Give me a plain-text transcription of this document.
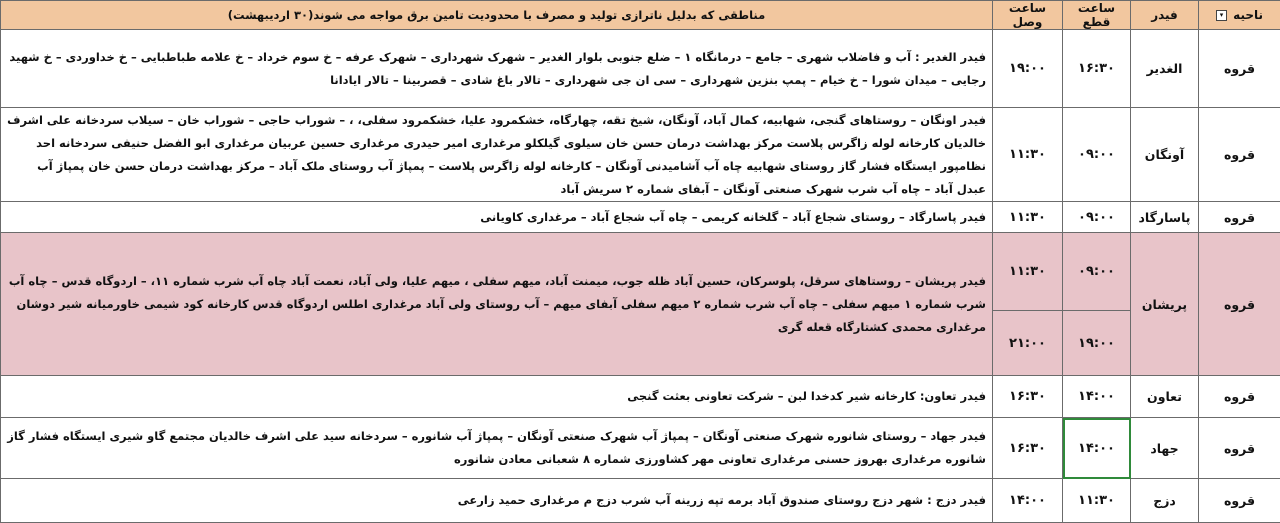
ناحیه ▾	فیدر	ساعت قطع	ساعت وصل	مناطقی که بدلیل ناترازی تولید و مصرف با محدودیت تامین برق مواجه می شوند(۳۰ اردیبهشت)
قروه	الغدیر	۱۶:۳۰	۱۹:۰۰	فیدر الغدیر : آب و فاضلاب شهری – جامع – درمانگاه ۱ – ضلع جنوبی بلوار الغدیر – شهرک شهرداری – شهرک عرفه – خ سوم خرداد – خ علامه طباطبایی – خ خداوردی – خ شهید رجایی – میدان شورا – خ خیام – پمپ بنزین شهرداری – سی ان جی شهرداری – تالار باغ شادی – قصربینا – تالار ایادانا
قروه	آونگان	۰۹:۰۰	۱۱:۳۰	فیدر اونگان – روستاهای گنجی، شهابیه، کمال آباد، آونگان، شیخ تقه، چهارگاه، خشکمرود علیا، خشکمرود سفلی، ، – شوراب حاجی – شوراب خان – سیلاب سردخانه علی اشرف خالدیان کارخانه لوله زاگرس پلاست مرکز بهداشت درمان حسن خان سیلوی گیلکلو مرغداری امیر حیدری مرغداری حسین عربیان مرغداری ابو الفضل حنیفی سردخانه احد نظامپور ایستگاه فشار گاز روستای شهابیه چاه آب آشامیدنی آونگان – کارخانه لوله زاگرس پلاست – پمپاژ آب روستای ملک آباد – مرکز بهداشت درمان حسن خان پمپاژ آب عبدل آباد – چاه آب شرب شهرک صنعتی آونگان – آبفای شماره ۲ سریش آباد
قروه	پاسارگاد	۰۹:۰۰	۱۱:۳۰	فیدر پاسارگاد – روستای شجاع آباد – گلخانه کریمی – چاه آب شجاع آباد – مرغداری کاویانی
قروه	پریشان	۰۹:۰۰	۱۱:۳۰	فیدر پریشان – روستاهای سرقل، پلوسرکان، حسین آباد ظله جوب، میمنت آباد، میهم سفلی ، میهم علیا، ولی آباد، نعمت آباد چاه آب شرب شماره ۱۱، – اردوگاه قدس – چاه آب شرب شماره ۱ میهم سفلی – چاه آب شرب شماره ۲ میهم سفلی آبفای میهم – آب روستای ولی آباد مرغداری اطلس اردوگاه قدس کارخانه کود شیمی خاورمیانه شیر دوشان مرغداری محمدی کشتارگاه قعله گری
		۱۹:۰۰	۲۱:۰۰	
قروه	تعاون	۱۴:۰۰	۱۶:۳۰	فیدر تعاون: کارخانه شیر کدخدا لبن – شرکت تعاونی بعثت گنجی
قروه	جهاد	۱۴:۰۰	۱۶:۳۰	فیدر جهاد – روستای شانوره شهرک صنعتی آونگان – پمپاژ آب شهرک صنعتی آونگان – پمپاژ آب شانوره – سردخانه سید علی اشرف خالدیان مجتمع گاو شیری ایستگاه فشار گاز شانوره مرغداری بهروز حسنی مرغداری تعاونی مهر کشاورزی شماره ۸ شعبانی معادن شانوره
قروه	دزج	۱۱:۳۰	۱۴:۰۰	فیدر دزج : شهر دزج روستای صندوق آباد برمه تپه زرینه آب شرب دزج م مرغداری حمید زارعی
